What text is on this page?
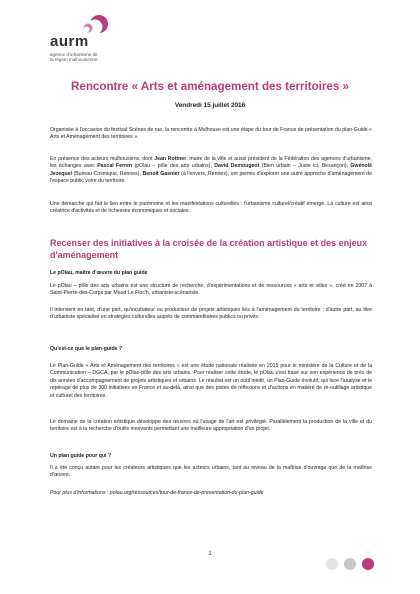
aurm
agence d'urbanisme de
la région mulhousienne
Rencontre « Arts et aménagement des territoires »
Vendredi 15 juillet 2016
Organisée à l'occasion du festival Scènes de rue, la rencontre à Mulhouse est une étape du tour de France de présentation du plan-Guide « Arts et Aménagement des territoires ».
En présence des acteurs mulhousiens, dont Jean Rottner, maire de la ville et aussi président de la Fédération des agences d'urbanisme, les échanges avec Pascal Ferren (pOlau – pôle des arts urbains), David Demougeot (Bien urbain – Juste ici, Besançon), Gwénolé Jezequel (Bureau Cosmique, Rennes), Benoit Gasnier (à l'envers, Rennes), ont permis d'explorer une autre approche d'aménagement de l'espace public voire du territoire.
Une démarche qui fait le lien entre le patrimoine et les manifestations culturelles : l'urbanisme culturel/créatif émerge. La culture est ainsi créatrice d'activités et de richesses économiques et sociales.
Recenser des initiatives à la croisée de la création artistique et des enjeux d'aménagement
Le pOlau, maître d'œuvre du plan guide
Le pOlau – pôle des arts urbains est une structure de recherche, d'expérimentations et de ressources « arts et villes », créé en 2007 à Saint-Pierre-des-Corps par Maud Le Floc'h, urbaniste-scénariste.
Il intervient en tant, d'une part, qu'incubateur ou producteur de projets artistiques liés à l'aménagement du territoire ; d'autre part, au titre d'urbaniste spécialisé en stratégies culturelles auprès de commanditaires publics ou privés.
Qu'est-ce que le plan-guide ?
Le Plan-Guide « Arts et Aménagement des territoires » est une étude nationale réalisée en 2015 pour le ministère de la Culture et de la Communication – DGCA, par le pOlau-pôle des arts urbains. Pour réaliser cette étude, le pOlau s'est basé sur son expérience de près de dix années d'accompagnement de projets artistiques et urbains. Le résultat est un outil inédit, un Plan-Guide évolutif, qui livre l'analyse et le repérage de plus de 300 initiatives en France et au-delà, ainsi que des pistes de réflexions et d'actions en matière de ré-outillage artistique et culturel des territoires.
Le domaine de la création artistique développe des œuvres où l'usage de l'art est privilégié. Parallèlement la production de la ville et du territoire est à la recherche d'outils innovants permettant une meilleure appropriation d'un projet.
Un plan guide pour qui ?
Il a été conçu autant pour les créateurs artistiques que les acteurs urbains, tant au niveau de la maîtrise d'ouvrage que de la maîtrise d'œuvre.
Pour plus d'informations : polau.org/ressources/tour-de-france-de-presentation-du-plan-guide
1
